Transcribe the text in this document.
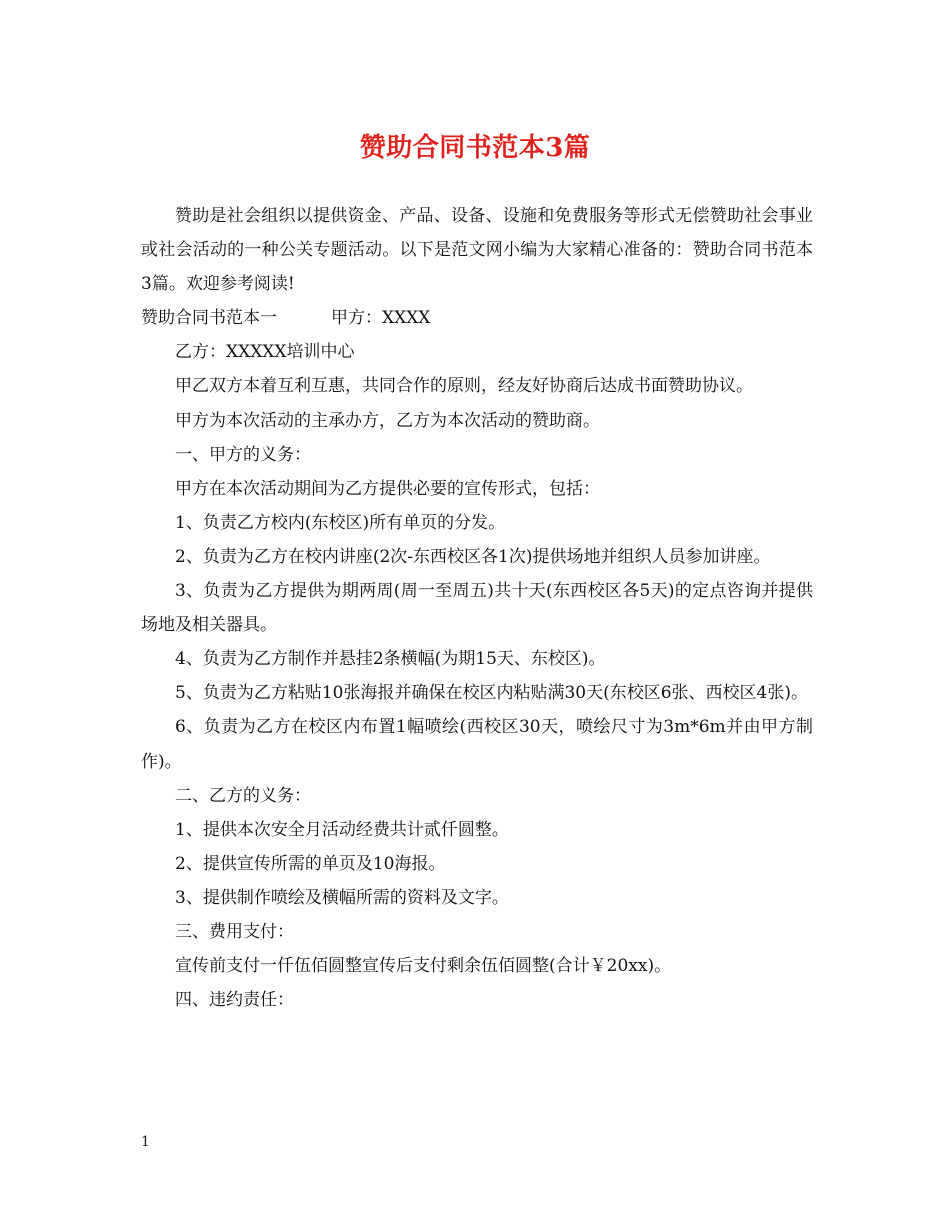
赞助合同书范本3篇

赞助是社会组织以提供资金、产品、设备、设施和免费服务等形式无偿赞助社会事业或社会活动的一种公关专题活动。以下是范文网小编为大家精心准备的：赞助合同书范本3篇。欢迎参考阅读!

赞助合同书范本一	甲方：XXXX

乙方：XXXXX培训中心

甲乙双方本着互利互惠，共同合作的原则，经友好协商后达成书面赞助协议。

甲方为本次活动的主承办方，乙方为本次活动的赞助商。

一、甲方的义务：

甲方在本次活动期间为乙方提供必要的宣传形式，包括：

1、负责乙方校内(东校区)所有单页的分发。

2、负责为乙方在校内讲座(2次-东西校区各1次)提供场地并组织人员参加讲座。

3、负责为乙方提供为期两周(周一至周五)共十天(东西校区各5天)的定点咨询并提供场地及相关器具。

4、负责为乙方制作并悬挂2条横幅(为期15天、东校区)。

5、负责为乙方粘贴10张海报并确保在校区内粘贴满30天(东校区6张、西校区4张)。

6、负责为乙方在校区内布置1幅喷绘(西校区30天，喷绘尺寸为3m*6m并由甲方制作)。

二、乙方的义务：

1、提供本次安全月活动经费共计贰仟圆整。

2、提供宣传所需的单页及10海报。

3、提供制作喷绘及横幅所需的资料及文字。

三、费用支付：

宣传前支付一仟伍佰圆整宣传后支付剩余伍佰圆整(合计￥20xx)。

四、违约责任：

1
